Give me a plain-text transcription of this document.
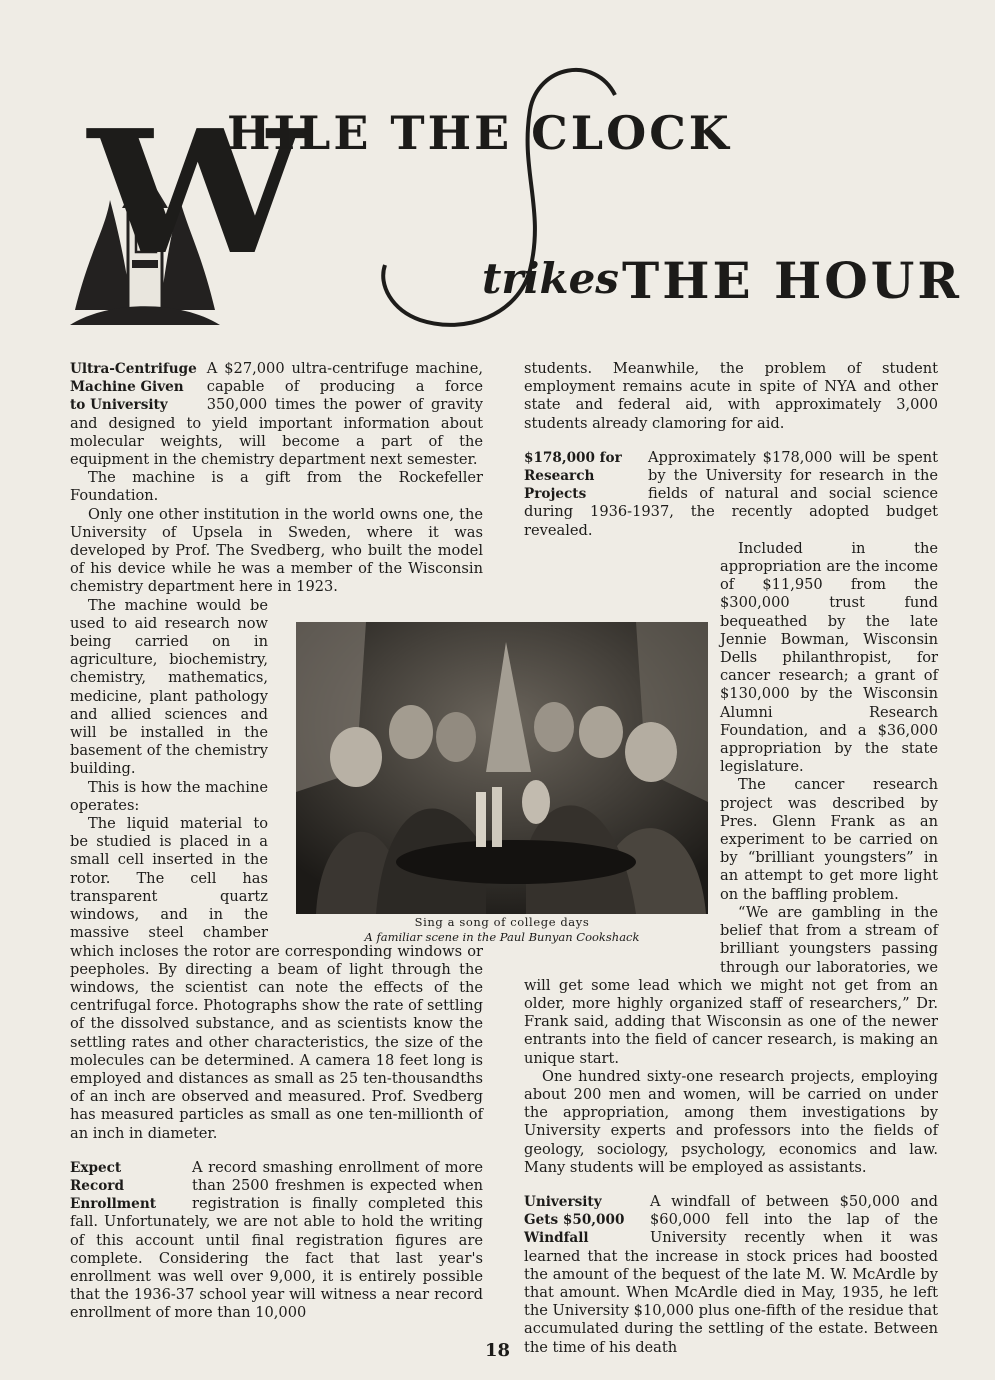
W
HILE THE CLOCK
trikes THE HOUR

Ultra-Centrifuge
Machine Given
to University
A $27,000 ultra-centrifuge machine, capable of producing a force 350,000 times the power of gravity and designed to yield important information about molecular weights, will become a part of the equipment in the chemistry department next semester.

The machine is a gift from the Rockefeller Foundation.

Only one other institution in the world owns one, the University of Upsela in Sweden, where it was developed by Prof. The Svedberg, who built the model of his device while he was a member of the Wisconsin chemistry department here in 1923.

The machine would be used to aid research now being carried on in agriculture, biochemistry, chemistry, mathematics, medicine, plant pathology and allied sciences and will be installed in the basement of the chemistry building.

This is how the machine operates:

The liquid material to be studied is placed in a small cell inserted in the rotor. The cell has transparent quartz windows, and in the massive steel chamber which incloses the rotor are corresponding windows or peepholes. By directing a beam of light through the windows, the scientist can note the effects of the centrifugal force. Photographs show the rate of settling of the dissolved substance, and as scientists know the settling rates and other characteristics, the size of the molecules can be determined. A camera 18 feet long is employed and distances as small as 25 ten-thousandths of an inch are observed and measured. Prof. Svedberg has measured particles as small as one ten-millionth of an inch in diameter.

Expect
Record
Enrollment
A record smashing enrollment of more than 2500 freshmen is expected when registration is finally completed this fall. Unfortunately, we are not able to hold the writing of this account until final registration figures are complete. Considering the fact that last year's enrollment was well over 9,000, it is entirely possible that the 1936-37 school year will witness a near record enrollment of more than 10,000

students. Meanwhile, the problem of student employment remains acute in spite of NYA and other state and federal aid, with approximately 3,000 students already clamoring for aid.

$178,000 for
Research
Projects
Approximately $178,000 will be spent by the University for research in the fields of natural and social science during 1936-1937, the recently adopted budget revealed.

Included in the appropriation are the income of $11,950 from the $300,000 trust fund bequeathed by the late Jennie Bowman, Wisconsin Dells philanthropist, for cancer research; a grant of $130,000 by the Wisconsin Alumni Research Foundation, and a $36,000 appropriation by the state legislature.

The cancer research project was described by Pres. Glenn Frank as an experiment to be carried on by “brilliant youngsters” in an attempt to get more light on the baffling problem.

“We are gambling in the belief that from a stream of brilliant youngsters passing through our laboratories, we will get some lead which we might not get from an older, more highly organized staff of researchers,” Dr. Frank said, adding that Wisconsin as one of the newer entrants into the field of cancer research, is making an unique start.

One hundred sixty-one research projects, employing about 200 men and women, will be carried on under the appropriation, among them investigations by University experts and professors into the fields of geology, sociology, psychology, economics and law. Many students will be employed as assistants.

University
Gets $50,000
Windfall
A windfall of between $50,000 and $60,000 fell into the lap of the University recently when it was learned that the increase in stock prices had boosted the amount of the bequest of the late M. W. McArdle by that amount. When McArdle died in May, 1935, he left the University $10,000 plus one-fifth of the residue that accumulated during the settling of the estate. Between the time of his death

Sing a song of college days
A familiar scene in the Paul Bunyan Cookshack
18
